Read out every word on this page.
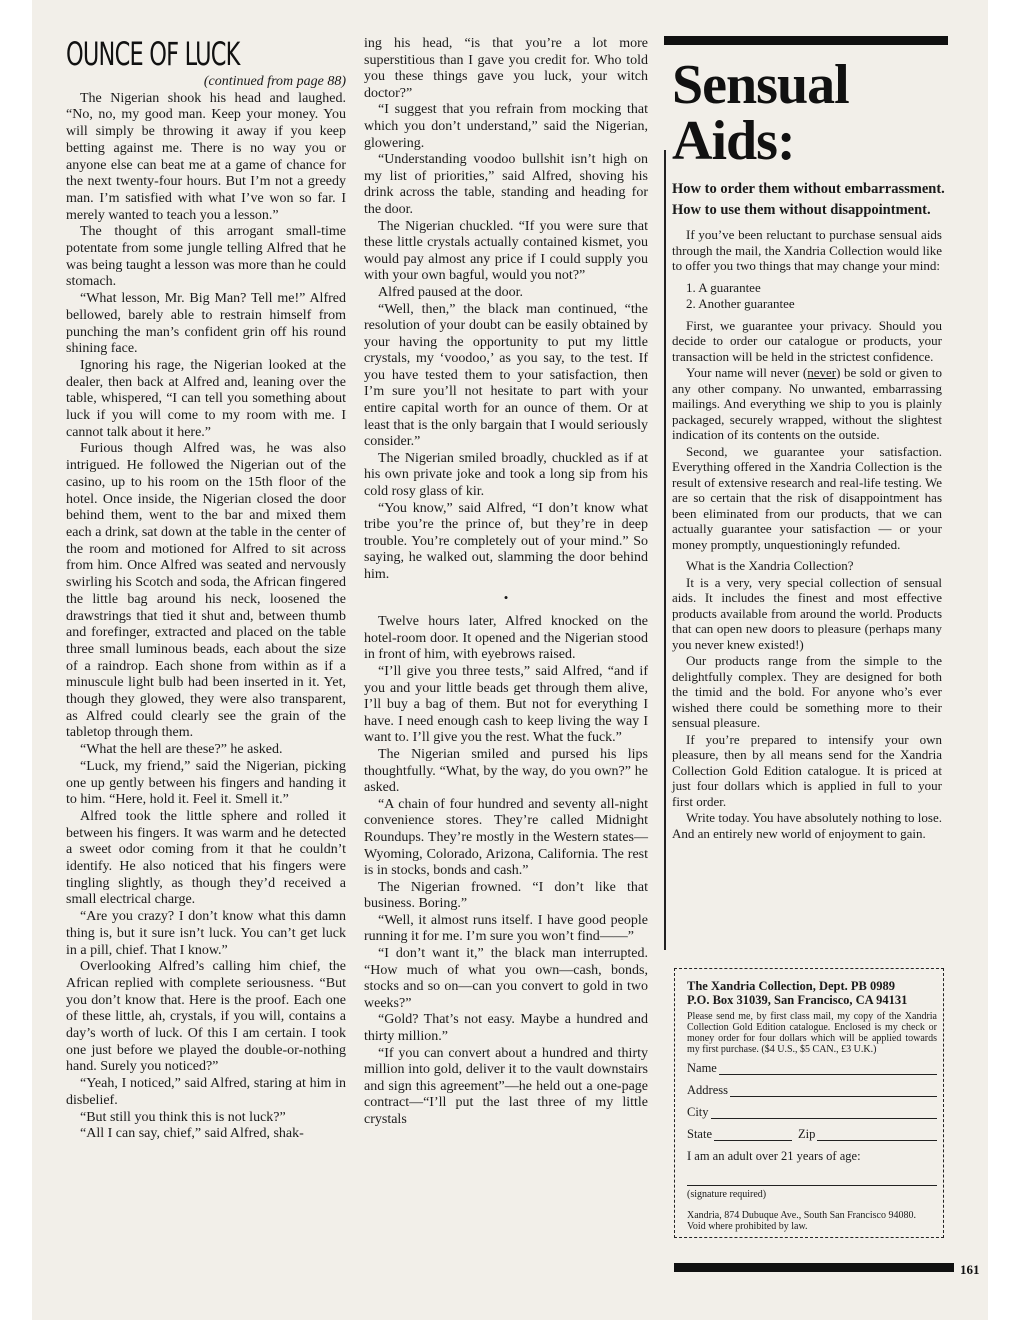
OUNCE OF LUCK

(continued from page 88)

The Nigerian shook his head and laughed. “No, no, my good man. Keep your money. You will simply be throwing it away if you keep betting against me. There is no way you or anyone else can beat me at a game of chance for the next twenty-four hours. But I’m not a greedy man. I’m satisfied with what I’ve won so far. I merely wanted to teach you a lesson.”

The thought of this arrogant small-time potentate from some jungle telling Alfred that he was being taught a lesson was more than he could stomach.

“What lesson, Mr. Big Man? Tell me!” Alfred bellowed, barely able to restrain himself from punching the man’s confident grin off his round shining face.

Ignoring his rage, the Nigerian looked at the dealer, then back at Alfred and, leaning over the table, whispered, “I can tell you something about luck if you will come to my room with me. I cannot talk about it here.”

Furious though Alfred was, he was also intrigued. He followed the Nigerian out of the casino, up to his room on the 15th floor of the hotel. Once inside, the Nigerian closed the door behind them, went to the bar and mixed them each a drink, sat down at the table in the center of the room and motioned for Alfred to sit across from him. Once Alfred was seated and nervously swirling his Scotch and soda, the African fingered the little bag around his neck, loosened the drawstrings that tied it shut and, between thumb and forefinger, extracted and placed on the table three small luminous beads, each about the size of a raindrop. Each shone from within as if a minuscule light bulb had been inserted in it. Yet, though they glowed, they were also transparent, as Alfred could clearly see the grain of the tabletop through them.

“What the hell are these?” he asked.

“Luck, my friend,” said the Nigerian, picking one up gently between his fingers and handing it to him. “Here, hold it. Feel it. Smell it.”

Alfred took the little sphere and rolled it between his fingers. It was warm and he detected a sweet odor coming from it that he couldn’t identify. He also noticed that his fingers were tingling slightly, as though they’d received a small electrical charge.

“Are you crazy? I don’t know what this damn thing is, but it sure isn’t luck. You can’t get luck in a pill, chief. That I know.”

Overlooking Alfred’s calling him chief, the African replied with complete seriousness. “But you don’t know that. Here is the proof. Each one of these little, ah, crystals, if you will, contains a day’s worth of luck. Of this I am certain. I took one just before we played the double-or-nothing hand. Surely you noticed?”

“Yeah, I noticed,” said Alfred, staring at him in disbelief.

“But still you think this is not luck?”

“All I can say, chief,” said Alfred, shak-

ing his head, “is that you’re a lot more superstitious than I gave you credit for. Who told you these things gave you luck, your witch doctor?”

“I suggest that you refrain from mocking that which you don’t understand,” said the Nigerian, glowering.

“Understanding voodoo bullshit isn’t high on my list of priorities,” said Alfred, shoving his drink across the table, standing and heading for the door.

The Nigerian chuckled. “If you were sure that these little crystals actually contained kismet, you would pay almost any price if I could supply you with your own bagful, would you not?”

Alfred paused at the door.

“Well, then,” the black man continued, “the resolution of your doubt can be easily obtained by your having the opportunity to put my little crystals, my ‘voodoo,’ as you say, to the test. If you have tested them to your satisfaction, then I’m sure you’ll not hesitate to part with your entire capital worth for an ounce of them. Or at least that is the only bargain that I would seriously consider.”

The Nigerian smiled broadly, chuckled as if at his own private joke and took a long sip from his cold rosy glass of kir.

“You know,” said Alfred, “I don’t know what tribe you’re the prince of, but they’re in deep trouble. You’re completely out of your mind.” So saying, he walked out, slamming the door behind him.

•

Twelve hours later, Alfred knocked on the hotel-room door. It opened and the Nigerian stood in front of him, with eyebrows raised.

“I’ll give you three tests,” said Alfred, “and if you and your little beads get through them alive, I’ll buy a bag of them. But not for everything I have. I need enough cash to keep living the way I want to. I’ll give you the rest. What the fuck.”

The Nigerian smiled and pursed his lips thoughtfully. “What, by the way, do you own?” he asked.

“A chain of four hundred and seventy all-night convenience stores. They’re called Midnight Roundups. They’re mostly in the Western states—Wyoming, Colorado, Arizona, California. The rest is in stocks, bonds and cash.”

The Nigerian frowned. “I don’t like that business. Boring.”

“Well, it almost runs itself. I have good people running it for me. I’m sure you won’t find——”

“I don’t want it,” the black man interrupted. “How much of what you own—cash, bonds, stocks and so on—can you convert to gold in two weeks?”

“Gold? That’s not easy. Maybe a hundred and thirty million.”

“If you can convert about a hundred and thirty million into gold, deliver it to the vault downstairs and sign this agreement”—he held out a one-page contract—“I’ll put the last three of my little crystals

Sensual
Aids:
How to order them without embarrassment.
How to use them without disappointment.

If you’ve been reluctant to purchase sensual aids through the mail, the Xandria Collection would like to offer you two things that may change your mind:

1. A guarantee

2. Another guarantee

First, we guarantee your privacy. Should you decide to order our catalogue or products, your transaction will be held in the strictest confidence.

Your name will never (never) be sold or given to any other company. No unwanted, embarrassing mailings. And everything we ship to you is plainly packaged, securely wrapped, without the slightest indication of its contents on the outside.

Second, we guarantee your satisfaction. Everything offered in the Xandria Collection is the result of extensive research and real-life testing. We are so certain that the risk of disappointment has been eliminated from our products, that we can actually guarantee your satisfaction — or your money promptly, unquestioningly refunded.

What is the Xandria Collection?

It is a very, very special collection of sensual aids. It includes the finest and most effective products available from around the world. Products that can open new doors to pleasure (perhaps many you never knew existed!)

Our products range from the simple to the delightfully complex. They are designed for both the timid and the bold. For anyone who’s ever wished there could be something more to their sensual pleasure.

If you’re prepared to intensify your own pleasure, then by all means send for the Xandria Collection Gold Edition catalogue. It is priced at just four dollars which is applied in full to your first order.

Write today. You have absolutely nothing to lose. And an entirely new world of enjoyment to gain.

The Xandria Collection, Dept. PB 0989

P.O. Box 31039, San Francisco, CA 94131

Please send me, by first class mail, my copy of the Xandria Collection Gold Edition catalogue. Enclosed is my check or money order for four dollars which will be applied towards my first purchase. ($4 U.S., $5 CAN., £3 U.K.)

Name
Address
City
State	Zip
I am an adult over 21 years of age:
(signature required)
Xandria, 874 Dubuque Ave., South San Francisco 94080.
Void where prohibited by law.
161
